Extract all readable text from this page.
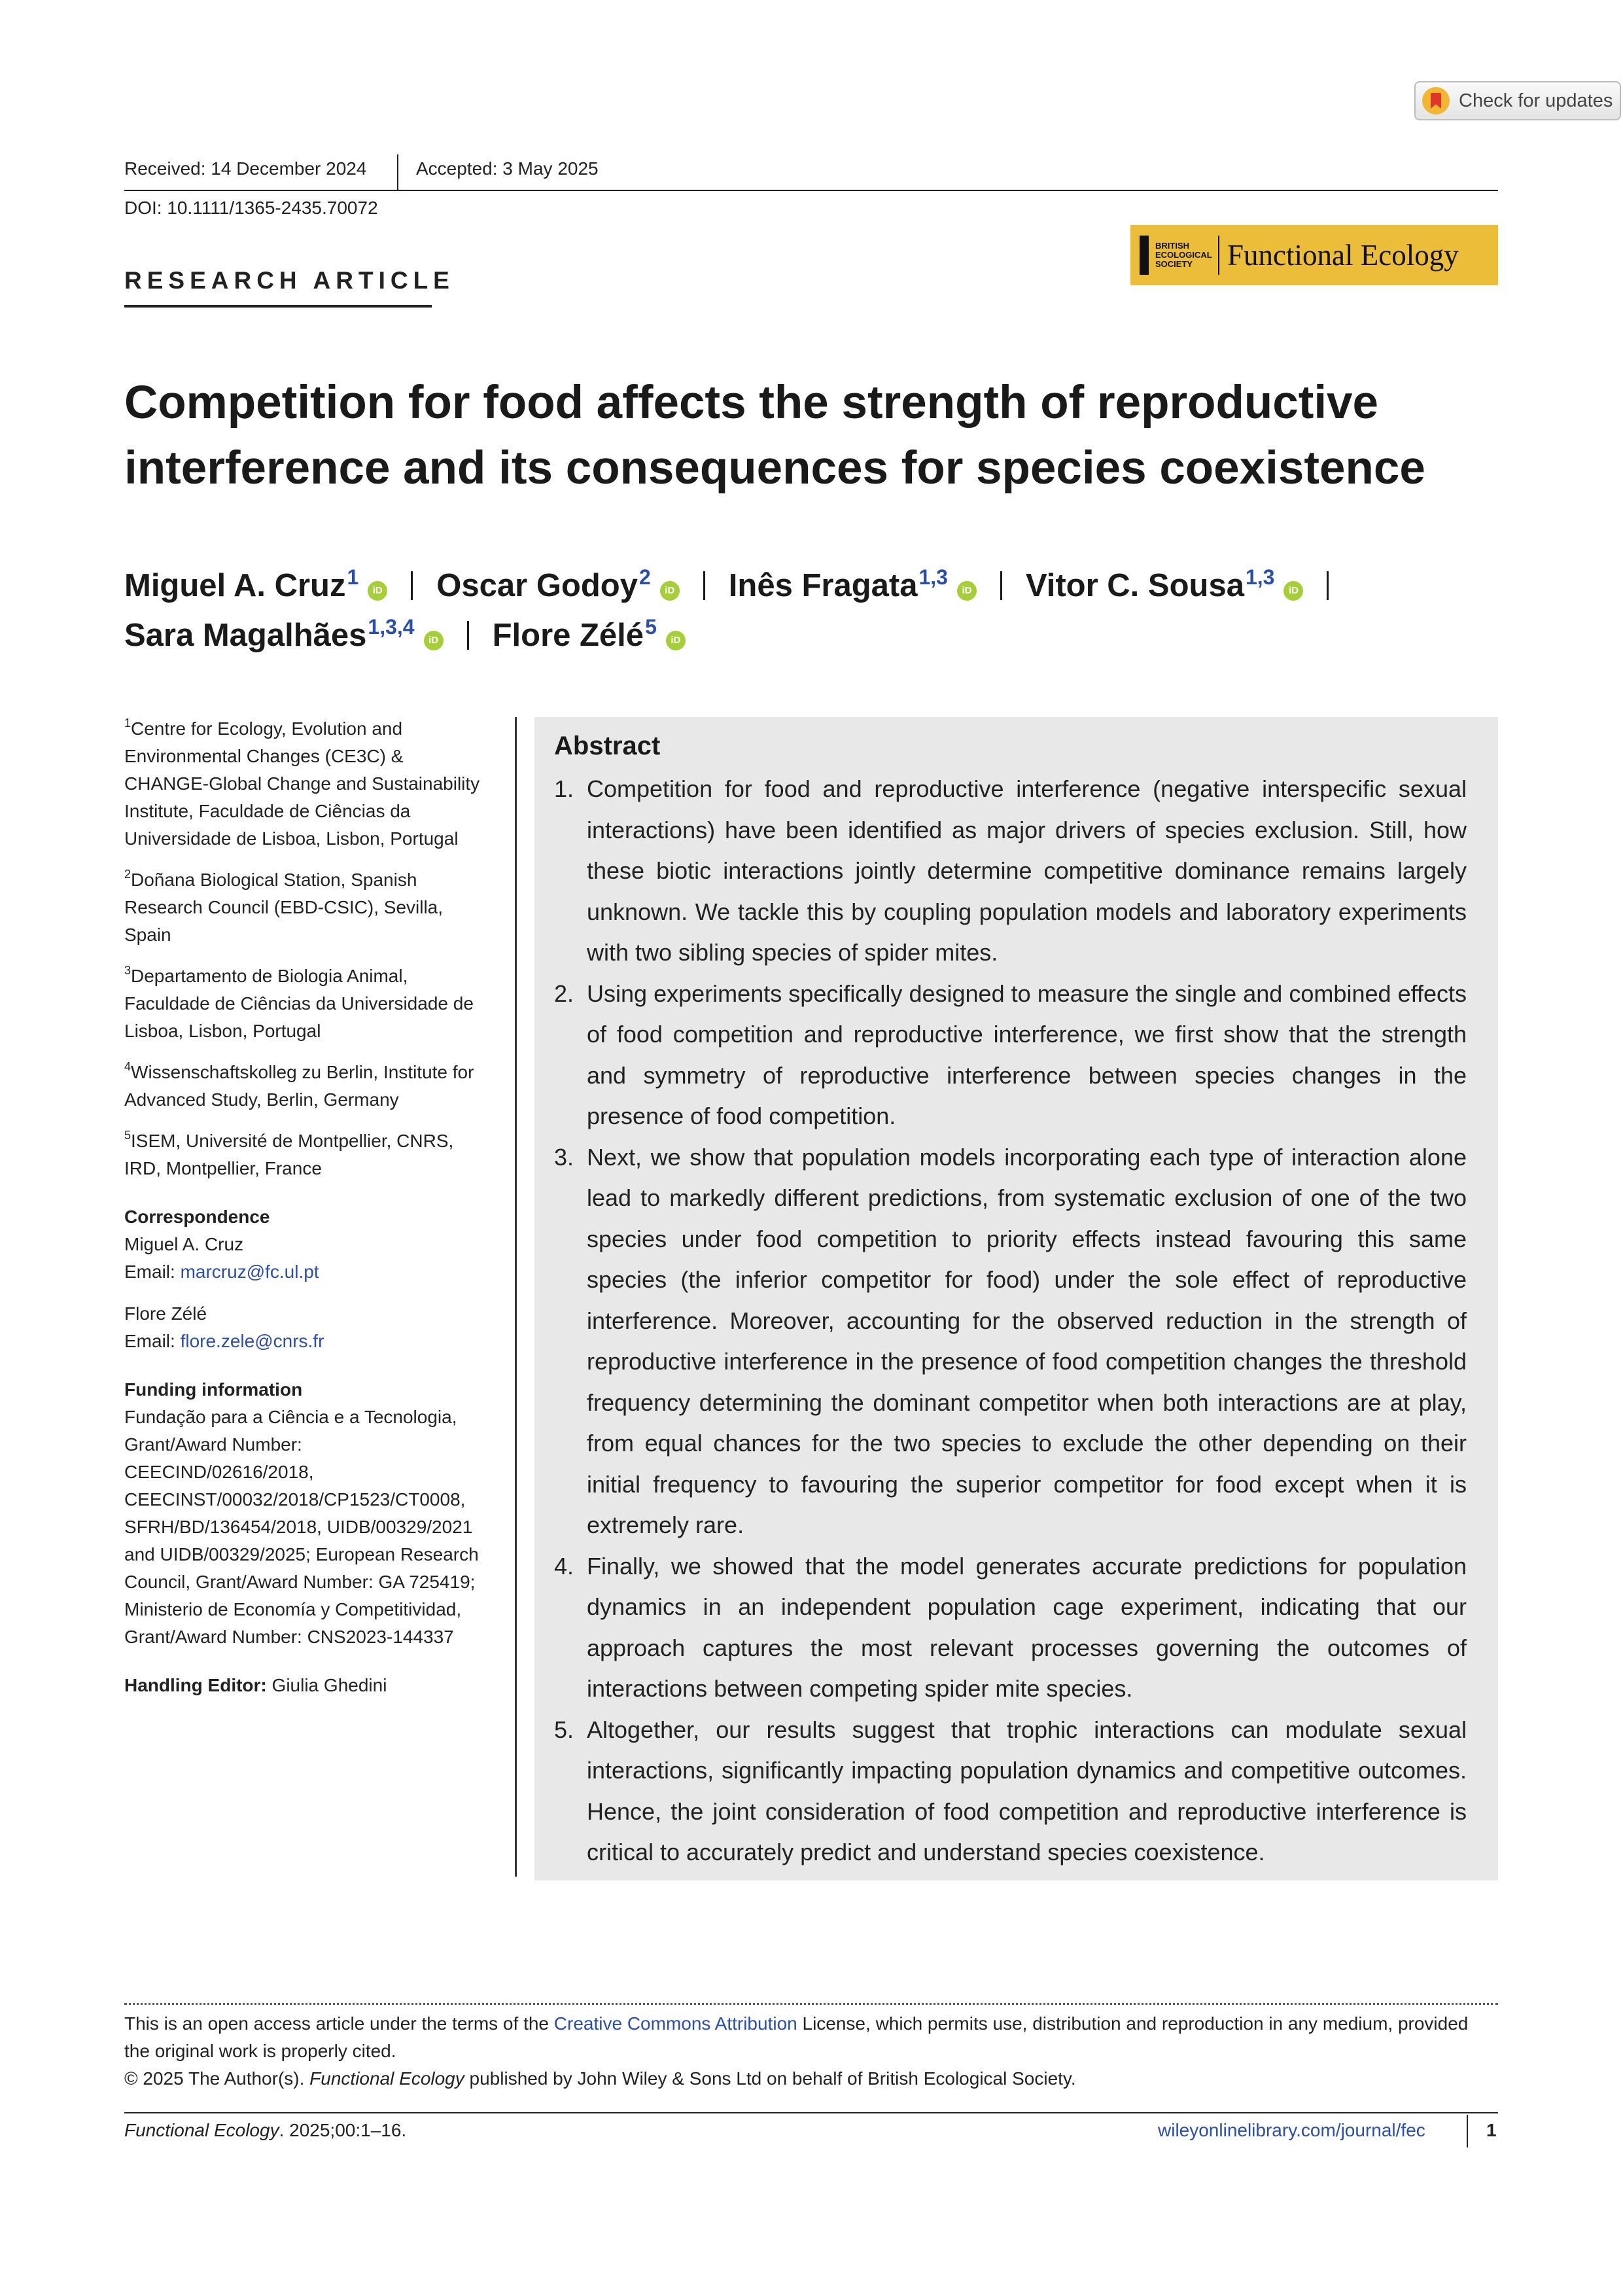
Check for updates
Received: 14 December 2024	Accepted: 3 May 2025
DOI: 10.1111/1365-2435.70072
RESEARCH ARTICLE
BRITISH ECOLOGICAL SOCIETY	Functional Ecology
Competition for food affects the strength of reproductive interference and its consequences for species coexistence
Miguel A. Cruz$^1$iD Oscar Godoy$^2$iD Inês Fragata$^{1,3}$iD Vitor C. Sousa$^{1,3}$iD
Sara Magalhães$^{1,3,4}$iD Flore Zélé$^5$iD
$^1$Centre for Ecology, Evolution and Environmental Changes (CE3C) & CHANGE-Global Change and Sustainability Institute, Faculdade de Ciências da Universidade de Lisboa, Lisbon, Portugal
$^2$Doñana Biological Station, Spanish Research Council (EBD-CSIC), Sevilla, Spain
$^3$Departamento de Biologia Animal, Faculdade de Ciências da Universidade de Lisboa, Lisbon, Portugal
$^4$Wissenschaftskolleg zu Berlin, Institute for Advanced Study, Berlin, Germany
$^5$ISEM, Université de Montpellier, CNRS, IRD, Montpellier, France
Correspondence
Miguel A. Cruz
Email: marcruz@fc.ul.pt
Flore Zélé
Email: flore.zele@cnrs.fr
Funding information
Fundação para a Ciência e a Tecnologia, Grant/Award Number: CEECIND/02616/2018, CEECINST/00032/2018/CP1523/CT0008, SFRH/BD/136454/2018, UIDB/00329/2021 and UIDB/00329/2025; European Research Council, Grant/Award Number: GA 725419; Ministerio de Economía y Competitividad, Grant/Award Number: CNS2023-144337
Handling Editor: Giulia Ghedini
Abstract
1. Competition for food and reproductive interference (negative interspecific sexual interactions) have been identified as major drivers of species exclusion. Still, how these biotic interactions jointly determine competitive dominance remains largely unknown. We tackle this by coupling population models and laboratory experiments with two sibling species of spider mites.
2. Using experiments specifically designed to measure the single and combined effects of food competition and reproductive interference, we first show that the strength and symmetry of reproductive interference between species changes in the presence of food competition.
3. Next, we show that population models incorporating each type of interaction alone lead to markedly different predictions, from systematic exclusion of one of the two species under food competition to priority effects instead favouring this same species (the inferior competitor for food) under the sole effect of reproductive interference. Moreover, accounting for the observed reduction in the strength of reproductive interference in the presence of food competition changes the threshold frequency determining the dominant competitor when both interactions are at play, from equal chances for the two species to exclude the other depending on their initial frequency to favouring the superior competitor for food except when it is extremely rare.
4. Finally, we showed that the model generates accurate predictions for population dynamics in an independent population cage experiment, indicating that our approach captures the most relevant processes governing the outcomes of interactions between competing spider mite species.
5. Altogether, our results suggest that trophic interactions can modulate sexual interactions, significantly impacting population dynamics and competitive outcomes. Hence, the joint consideration of food competition and reproductive interference is critical to accurately predict and understand species coexistence.
This is an open access article under the terms of the Creative Commons Attribution License, which permits use, distribution and reproduction in any medium, provided the original work is properly cited.
© 2025 The Author(s). Functional Ecology published by John Wiley & Sons Ltd on behalf of British Ecological Society.
Functional Ecology. 2025;00:1–16.	wileyonlinelibrary.com/journal/fec	1
